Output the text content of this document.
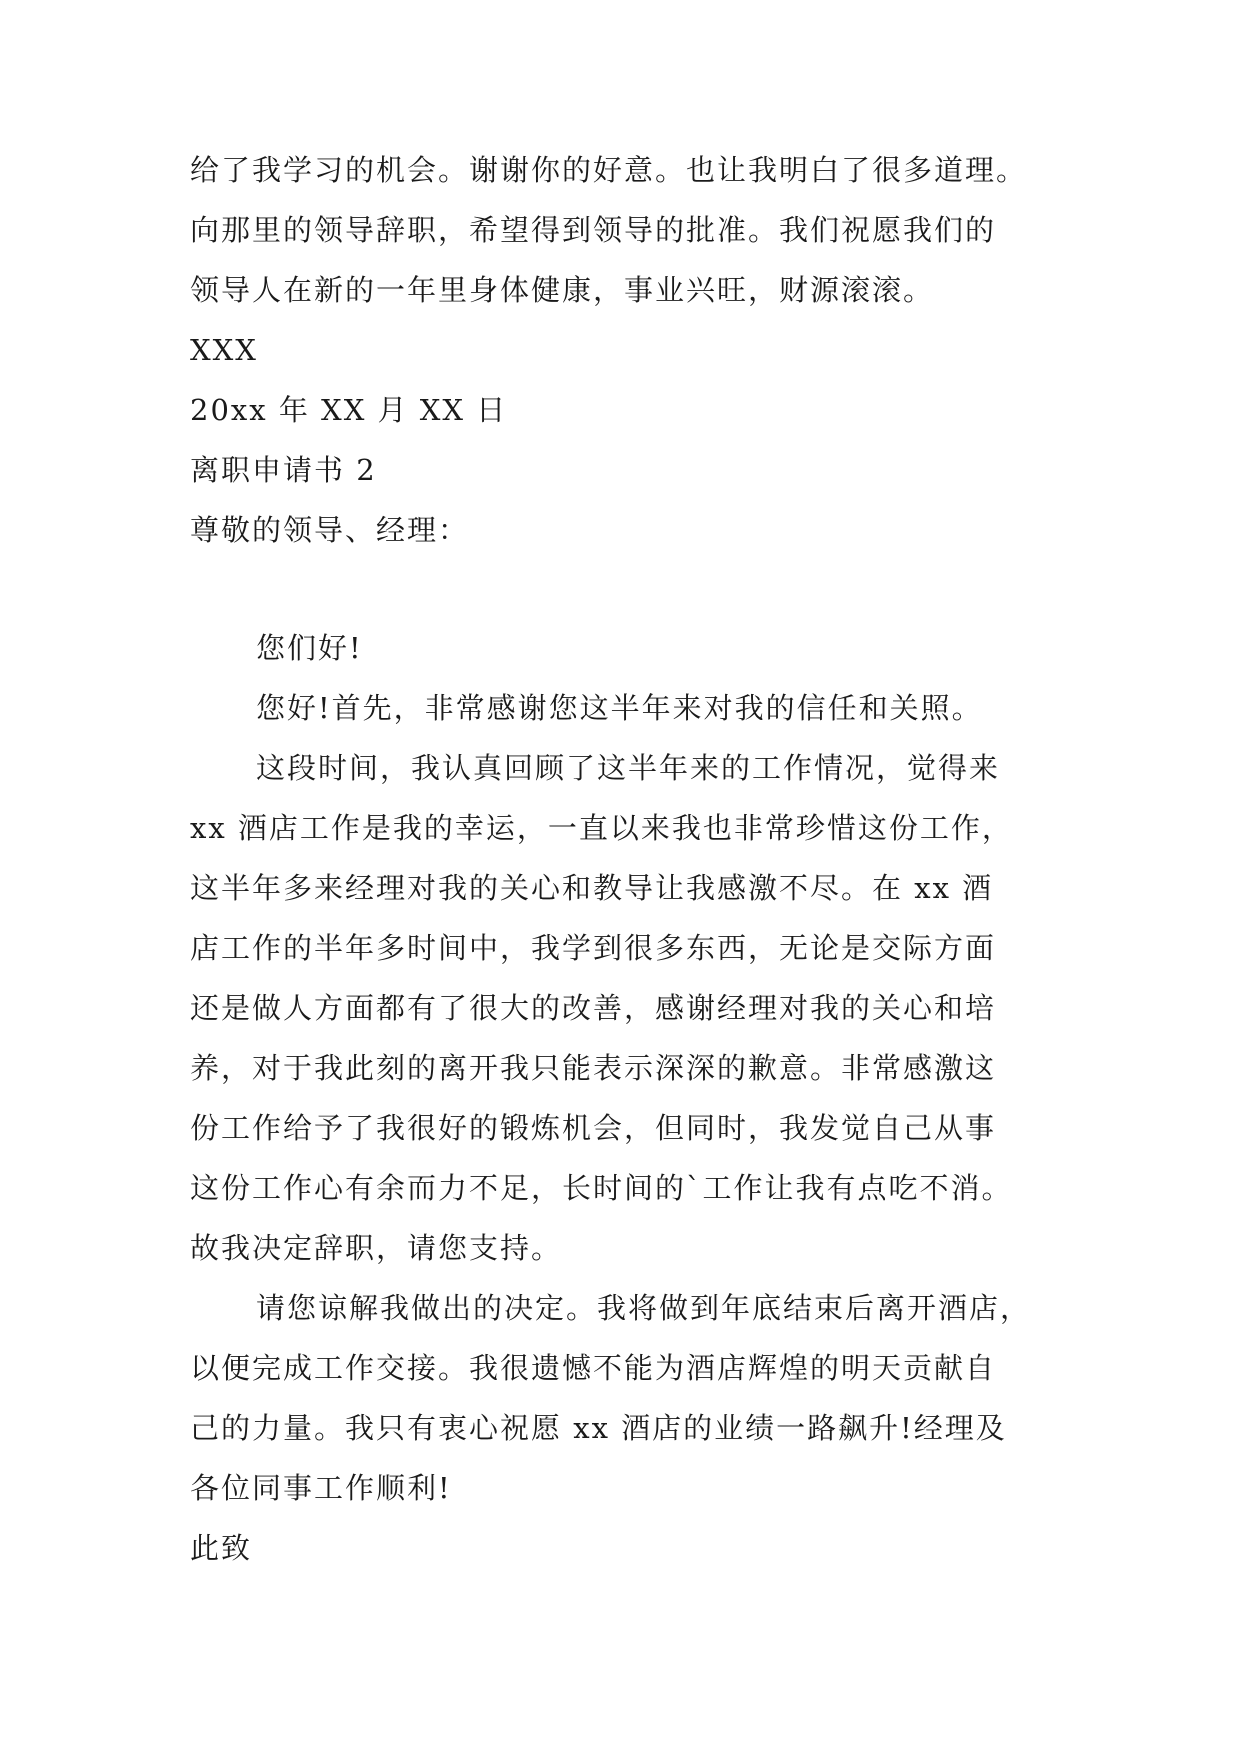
给了我学习的机会。谢谢你的好意。也让我明白了很多道理。
向那里的领导辞职，希望得到领导的批准。我们祝愿我们的
领导人在新的一年里身体健康，事业兴旺，财源滚滚。
XXX
20xx 年 XX 月 XX 日
离职申请书 2
尊敬的领导、经理：
您们好!
您好!首先，非常感谢您这半年来对我的信任和关照。
这段时间，我认真回顾了这半年来的工作情况，觉得来
xx 酒店工作是我的幸运，一直以来我也非常珍惜这份工作，
这半年多来经理对我的关心和教导让我感激不尽。在 xx 酒
店工作的半年多时间中，我学到很多东西，无论是交际方面
还是做人方面都有了很大的改善，感谢经理对我的关心和培
养，对于我此刻的离开我只能表示深深的歉意。非常感激这
份工作给予了我很好的锻炼机会，但同时，我发觉自己从事
这份工作心有余而力不足，长时间的`工作让我有点吃不消。
故我决定辞职，请您支持。
请您谅解我做出的决定。我将做到年底结束后离开酒店，
以便完成工作交接。我很遗憾不能为酒店辉煌的明天贡献自
己的力量。我只有衷心祝愿 xx 酒店的业绩一路飙升!经理及
各位同事工作顺利!
此致
